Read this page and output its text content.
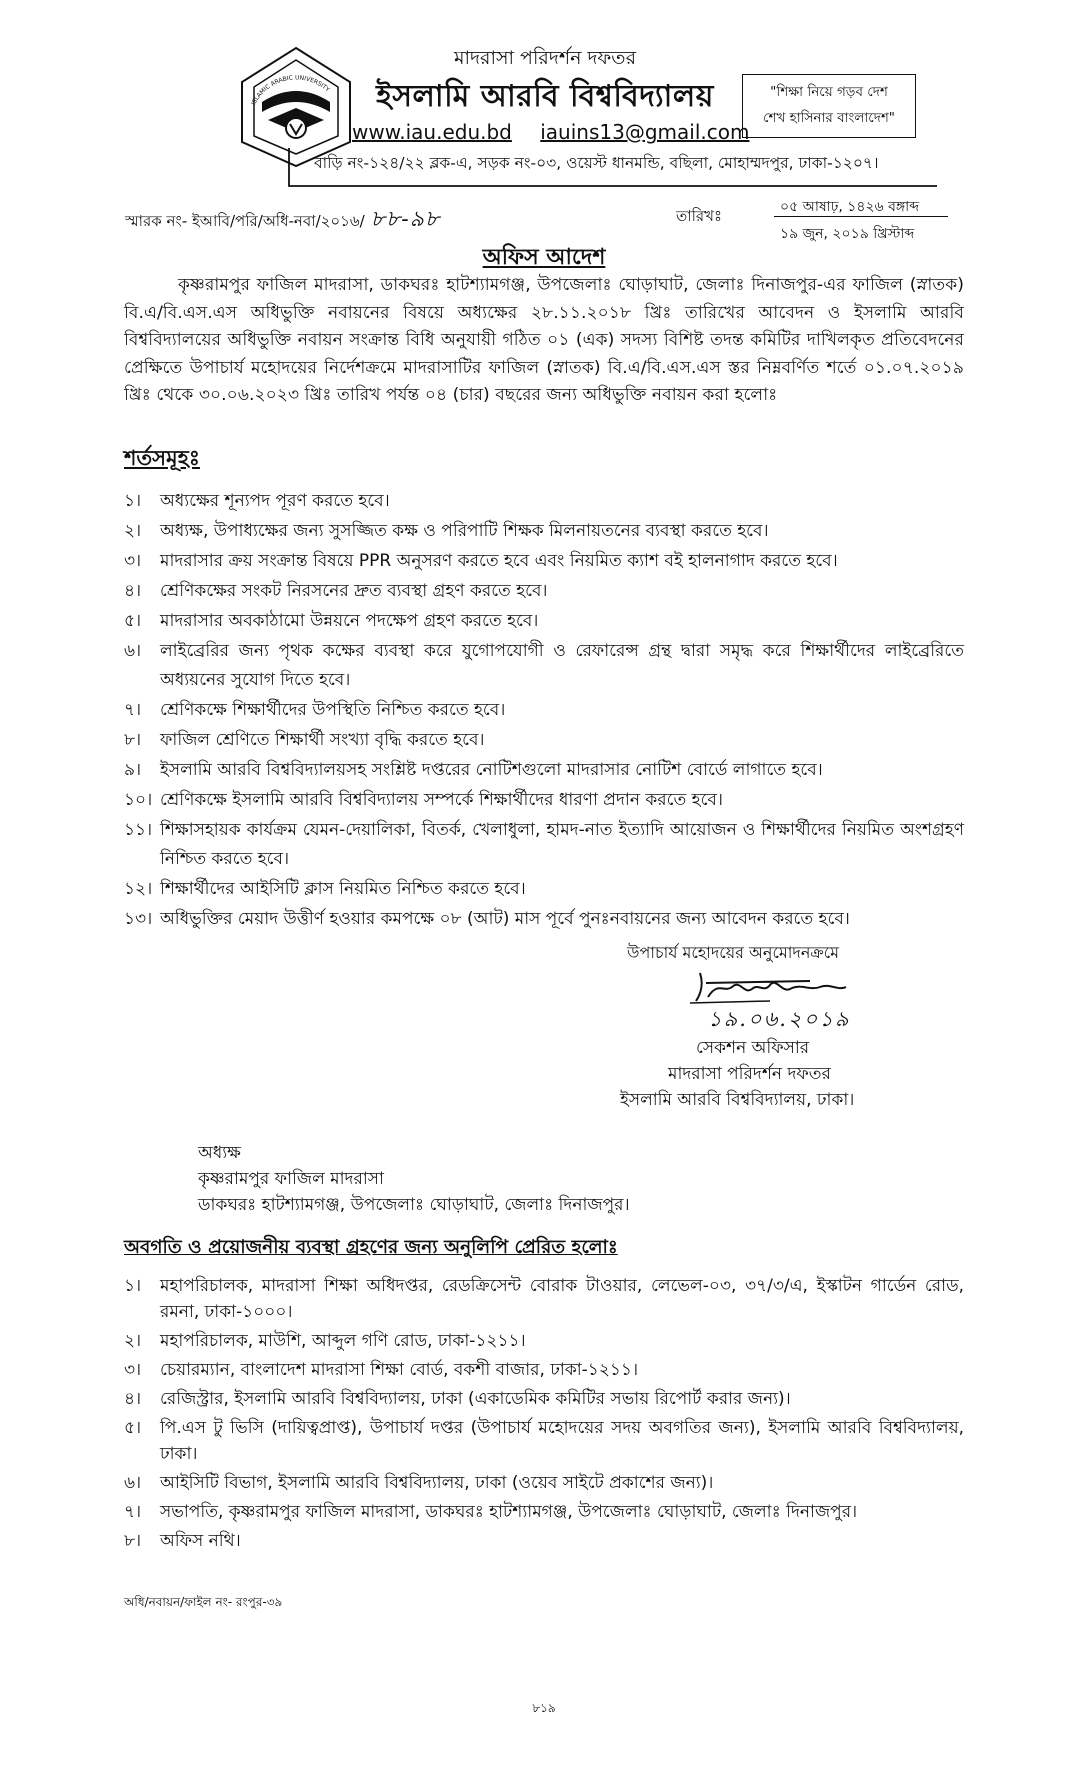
ISLAMIC ARABIC UNIVERSITY
মাদরাসা পরিদর্শন দফতর
ইসলামি আরবি বিশ্ববিদ্যালয়
www.iau.edu.bd iauins13@gmail.com
"শিক্ষা নিয়ে গড়ব দেশ
শেখ হাসিনার বাংলাদেশ"
বাড়ি নং-১২৪/২২ ব্লক-এ, সড়ক নং-০৩, ওয়েস্ট ধানমন্ডি, বছিলা, মোহাম্মদপুর, ঢাকা-১২০৭।
স্মারক নং- ইআবি/পরি/অধি-নবা/২০১৬/ ৮৮-৯৮	তারিখঃ	০৫ আষাঢ়, ১৪২৬ বঙ্গাব্দ
১৯ জুন, ২০১৯ খ্রিস্টাব্দ
অফিস আদেশ
কৃষ্ণরামপুর ফাজিল মাদরাসা, ডাকঘরঃ হাটশ্যামগঞ্জ, উপজেলাঃ ঘোড়াঘাট, জেলাঃ দিনাজপুর-এর ফাজিল (স্নাতক) বি.এ/বি.এস.এস অধিভুক্তি নবায়নের বিষয়ে অধ্যক্ষের ২৮.১১.২০১৮ খ্রিঃ তারিখের আবেদন ও ইসলামি আরবি বিশ্ববিদ্যালয়ের অধিভুক্তি নবায়ন সংক্রান্ত বিধি অনুযায়ী গঠিত ০১ (এক) সদস্য বিশিষ্ট তদন্ত কমিটির দাখিলকৃত প্রতিবেদনের প্রেক্ষিতে উপাচার্য মহোদয়ের নির্দেশক্রমে মাদরাসাটির ফাজিল (স্নাতক) বি.এ/বি.এস.এস স্তর নিম্নবর্ণিত শর্তে ০১.০৭.২০১৯ খ্রিঃ থেকে ৩০.০৬.২০২৩ খ্রিঃ তারিখ পর্যন্ত ০৪ (চার) বছরের জন্য অধিভুক্তি নবায়ন করা হলোঃ
শর্তসমূহঃ
১।	অধ্যক্ষের শূন্যপদ পূরণ করতে হবে।
২।	অধ্যক্ষ, উপাধ্যক্ষের জন্য সুসজ্জিত কক্ষ ও পরিপাটি শিক্ষক মিলনায়তনের ব্যবস্থা করতে হবে।
৩।	মাদরাসার ক্রয় সংক্রান্ত বিষয়ে PPR অনুসরণ করতে হবে এবং নিয়মিত ক্যাশ বই হালনাগাদ করতে হবে।
৪।	শ্রেণিকক্ষের সংকট নিরসনের দ্রুত ব্যবস্থা গ্রহণ করতে হবে।
৫।	মাদরাসার অবকাঠামো উন্নয়নে পদক্ষেপ গ্রহণ করতে হবে।
৬।	লাইব্রেরির জন্য পৃথক কক্ষের ব্যবস্থা করে যুগোপযোগী ও রেফারেন্স গ্রন্থ দ্বারা সমৃদ্ধ করে শিক্ষার্থীদের লাইব্রেরিতে অধ্যয়নের সুযোগ দিতে হবে।
৭।	শ্রেণিকক্ষে শিক্ষার্থীদের উপস্থিতি নিশ্চিত করতে হবে।
৮।	ফাজিল শ্রেণিতে শিক্ষার্থী সংখ্যা বৃদ্ধি করতে হবে।
৯।	ইসলামি আরবি বিশ্ববিদ্যালয়সহ সংশ্লিষ্ট দপ্তরের নোটিশগুলো মাদরাসার নোটিশ বোর্ডে লাগাতে হবে।
১০। শ্রেণিকক্ষে ইসলামি আরবি বিশ্ববিদ্যালয় সম্পর্কে শিক্ষার্থীদের ধারণা প্রদান করতে হবে।
১১। শিক্ষাসহায়ক কার্যক্রম যেমন-দেয়ালিকা, বিতর্ক, খেলাধুলা, হামদ-নাত ইত্যাদি আয়োজন ও শিক্ষার্থীদের নিয়মিত অংশগ্রহণ নিশ্চিত করতে হবে।
১২। শিক্ষার্থীদের আইসিটি ক্লাস নিয়মিত নিশ্চিত করতে হবে।
১৩। অধিভুক্তির মেয়াদ উত্তীর্ণ হওয়ার কমপক্ষে ০৮ (আট) মাস পূর্বে পুনঃনবায়নের জন্য আবেদন করতে হবে।
উপাচার্য মহোদয়ের অনুমোদনক্রমে
১৯.০৬.২০১৯
সেকশন অফিসার
মাদরাসা পরিদর্শন দফতর
ইসলামি আরবি বিশ্ববিদ্যালয়, ঢাকা।
অধ্যক্ষ
কৃষ্ণরামপুর ফাজিল মাদরাসা
ডাকঘরঃ হাটশ্যামগঞ্জ, উপজেলাঃ ঘোড়াঘাট, জেলাঃ দিনাজপুর।
অবগতি ও প্রয়োজনীয় ব্যবস্থা গ্রহণের জন্য অনুলিপি প্রেরিত হলোঃ
১।	মহাপরিচালক, মাদরাসা শিক্ষা অধিদপ্তর, রেডক্রিসেন্ট বোরাক টাওয়ার, লেভেল-০৩, ৩৭/৩/এ, ইস্কাটন গার্ডেন রোড, রমনা, ঢাকা-১০০০।
২।	মহাপরিচালক, মাউশি, আব্দুল গণি রোড, ঢাকা-১২১১।
৩।	চেয়ারম্যান, বাংলাদেশ মাদরাসা শিক্ষা বোর্ড, বকশী বাজার, ঢাকা-১২১১।
৪।	রেজিস্ট্রার, ইসলামি আরবি বিশ্ববিদ্যালয়, ঢাকা (একাডেমিক কমিটির সভায় রিপোর্ট করার জন্য)।
৫।	পি.এস টু ভিসি (দায়িত্বপ্রাপ্ত), উপাচার্য দপ্তর (উপাচার্য মহোদয়ের সদয় অবগতির জন্য), ইসলামি আরবি বিশ্ববিদ্যালয়, ঢাকা।
৬।	আইসিটি বিভাগ, ইসলামি আরবি বিশ্ববিদ্যালয়, ঢাকা (ওয়েব সাইটে প্রকাশের জন্য)।
৭।	সভাপতি, কৃষ্ণরামপুর ফাজিল মাদরাসা, ডাকঘরঃ হাটশ্যামগঞ্জ, উপজেলাঃ ঘোড়াঘাট, জেলাঃ দিনাজপুর।
৮।	অফিস নথি।
অধি/নবায়ন/ফাইল নং- রংপুর-৩৯
৮১৯
